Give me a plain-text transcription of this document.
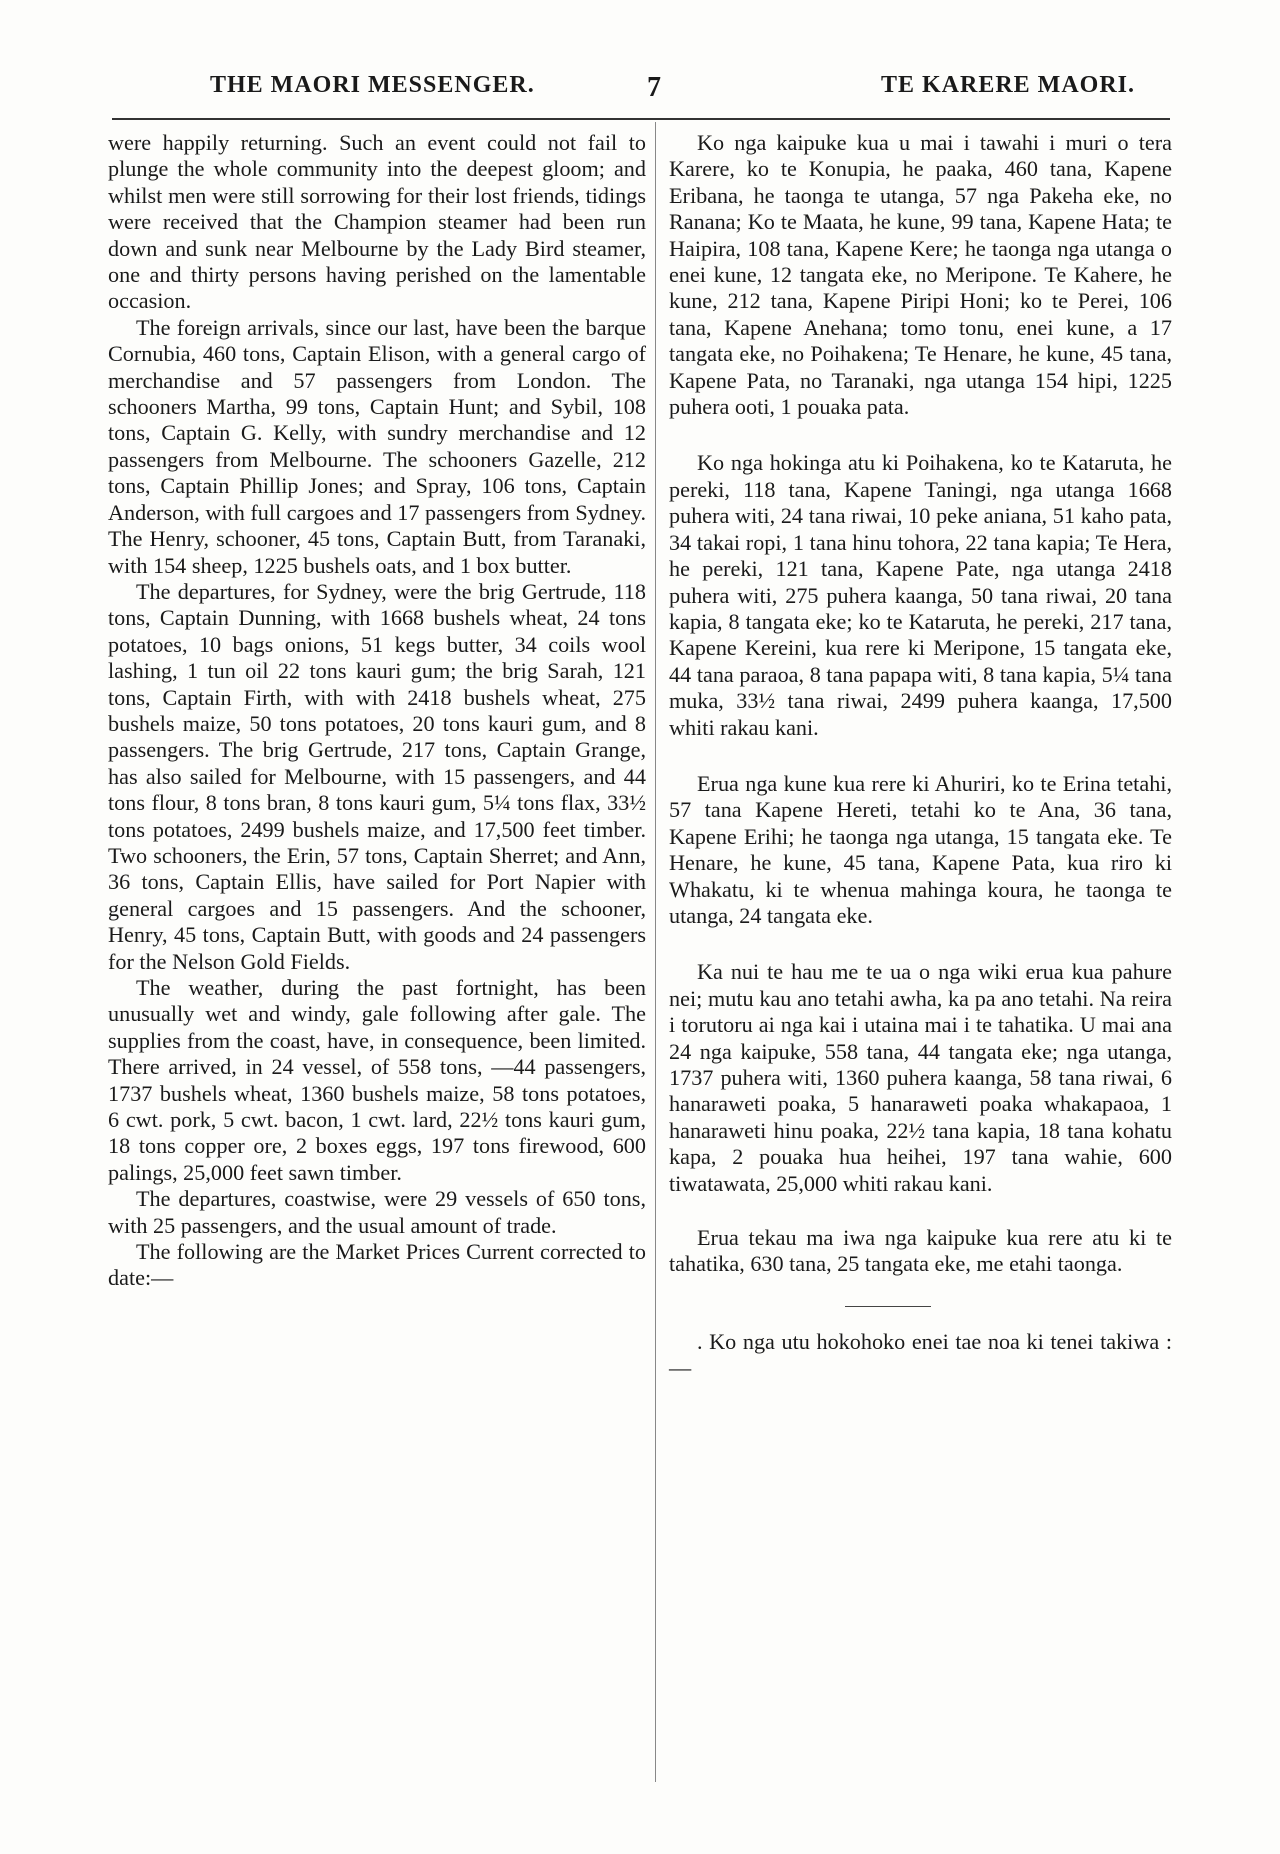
THE MAORI MESSENGER.	7	TE KARERE MAORI.

were happily returning. Such an event could not fail to plunge the whole community into the deepest gloom; and whilst men were still sorrowing for their lost friends, tidings were received that the Champion steamer had been run down and sunk near Melbourne by the Lady Bird steamer, one and thirty persons having perished on the lamentable occasion.

The foreign arrivals, since our last, have been the barque Cornubia, 460 tons, Captain Elison, with a general cargo of merchandise and 57 passengers from London. The schooners Martha, 99 tons, Captain Hunt; and Sybil, 108 tons, Captain G. Kelly, with sundry merchandise and 12 passengers from Melbourne. The schooners Gazelle, 212 tons, Captain Phillip Jones; and Spray, 106 tons, Captain Anderson, with full cargoes and 17 passengers from Sydney. The Henry, schooner, 45 tons, Captain Butt, from Taranaki, with 154 sheep, 1225 bushels oats, and 1 box butter.

The departures, for Sydney, were the brig Gertrude, 118 tons, Captain Dunning, with 1668 bushels wheat, 24 tons potatoes, 10 bags onions, 51 kegs butter, 34 coils wool lashing, 1 tun oil 22 tons kauri gum; the brig Sarah, 121 tons, Captain Firth, with with 2418 bushels wheat, 275 bushels maize, 50 tons potatoes, 20 tons kauri gum, and 8 passengers. The brig Gertrude, 217 tons, Captain Grange, has also sailed for Melbourne, with 15 passengers, and 44 tons flour, 8 tons bran, 8 tons kauri gum, 5¼ tons flax, 33½ tons potatoes, 2499 bushels maize, and 17,500 feet timber. Two schooners, the Erin, 57 tons, Captain Sherret; and Ann, 36 tons, Captain Ellis, have sailed for Port Napier with general cargoes and 15 passengers. And the schooner, Henry, 45 tons, Captain Butt, with goods and 24 passengers for the Nelson Gold Fields.

The weather, during the past fortnight, has been unusually wet and windy, gale following after gale. The supplies from the coast, have, in consequence, been limited. There arrived, in 24 vessel, of 558 tons, —44 passengers, 1737 bushels wheat, 1360 bushels maize, 58 tons potatoes, 6 cwt. pork, 5 cwt. bacon, 1 cwt. lard, 22½ tons kauri gum, 18 tons copper ore, 2 boxes eggs, 197 tons firewood, 600 palings, 25,000 feet sawn timber.

The departures, coastwise, were 29 vessels of 650 tons, with 25 passengers, and the usual amount of trade.

The following are the Market Prices Current corrected to date:—

Ko nga kaipuke kua u mai i tawahi i muri o tera Karere, ko te Konupia, he paaka, 460 tana, Kapene Eribana, he taonga te utanga, 57 nga Pakeha eke, no Ranana; Ko te Maata, he kune, 99 tana, Kapene Hata; te Haipira, 108 tana, Kapene Kere; he taonga nga utanga o enei kune, 12 tangata eke, no Meripone. Te Kahere, he kune, 212 tana, Kapene Piripi Honi; ko te Perei, 106 tana, Kapene Anehana; tomo tonu, enei kune, a 17 tangata eke, no Poihakena; Te Henare, he kune, 45 tana, Kapene Pata, no Taranaki, nga utanga 154 hipi, 1225 puhera ooti, 1 pouaka pata.

Ko nga hokinga atu ki Poihakena, ko te Kataruta, he pereki, 118 tana, Kapene Taningi, nga utanga 1668 puhera witi, 24 tana riwai, 10 peke aniana, 51 kaho pata, 34 takai ropi, 1 tana hinu tohora, 22 tana kapia; Te Hera, he pereki, 121 tana, Kapene Pate, nga utanga 2418 puhera witi, 275 puhera kaanga, 50 tana riwai, 20 tana kapia, 8 tangata eke; ko te Kataruta, he pereki, 217 tana, Kapene Kereini, kua rere ki Meripone, 15 tangata eke, 44 tana paraoa, 8 tana papapa witi, 8 tana kapia, 5¼ tana muka, 33½ tana riwai, 2499 puhera kaanga, 17,500 whiti rakau kani.

Erua nga kune kua rere ki Ahuriri, ko te Erina tetahi, 57 tana Kapene Hereti, tetahi ko te Ana, 36 tana, Kapene Erihi; he taonga nga utanga, 15 tangata eke. Te Henare, he kune, 45 tana, Kapene Pata, kua riro ki Whakatu, ki te whenua mahinga koura, he taonga te utanga, 24 tangata eke.

Ka nui te hau me te ua o nga wiki erua kua pahure nei; mutu kau ano tetahi awha, ka pa ano tetahi. Na reira i torutoru ai nga kai i utaina mai i te tahatika. U mai ana 24 nga kaipuke, 558 tana, 44 tangata eke; nga utanga, 1737 puhera witi, 1360 puhera kaanga, 58 tana riwai, 6 hanaraweti poaka, 5 hanaraweti poaka whakapaoa, 1 hanaraweti hinu poaka, 22½ tana kapia, 18 tana kohatu kapa, 2 pouaka hua heihei, 197 tana wahie, 600 tiwatawata, 25,000 whiti rakau kani.

Erua tekau ma iwa nga kaipuke kua rere atu ki te tahatika, 630 tana, 25 tangata eke, me etahi taonga.

. Ko nga utu hokohoko enei tae noa ki tenei takiwa :—
